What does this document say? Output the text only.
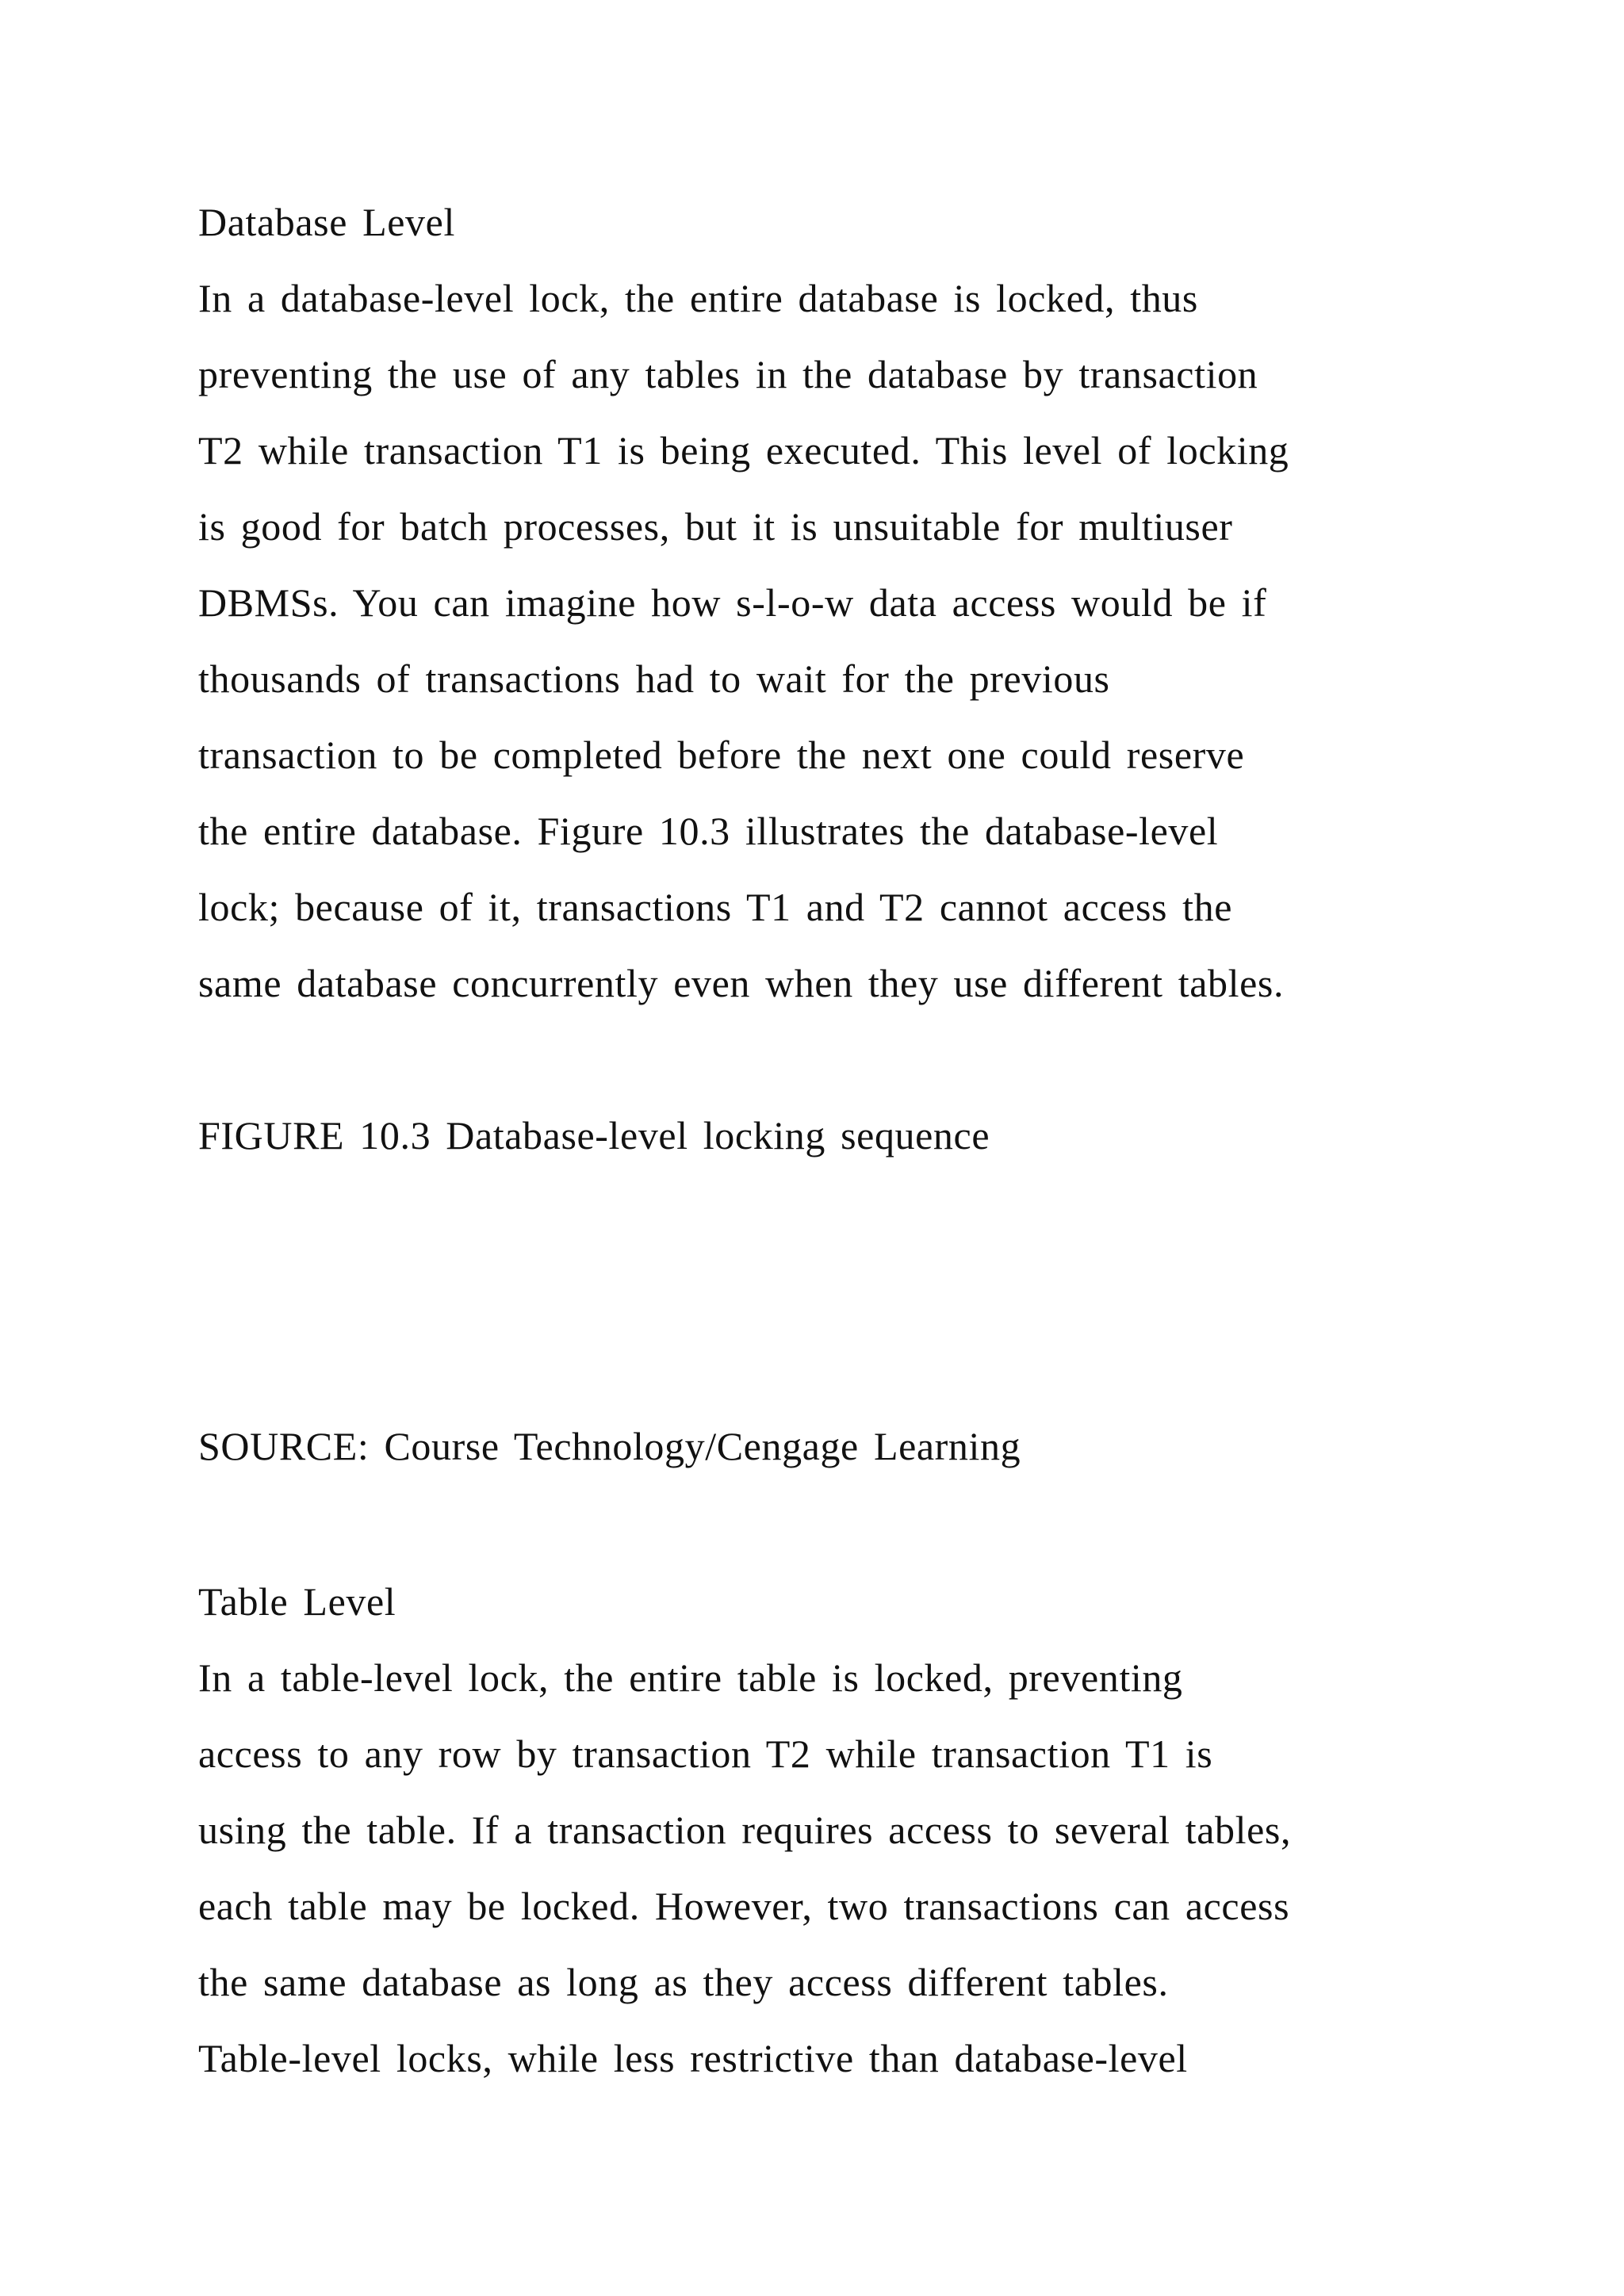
Database Level
In a database-level lock, the entire database is locked, thus
preventing the use of any tables in the database by transaction
T2 while transaction T1 is being executed. This level of locking
is good for batch processes, but it is unsuitable for multiuser
DBMSs. You can imagine how s-l-o-w data access would be if
thousands of transactions had to wait for the previous
transaction to be completed before the next one could reserve
the entire database. Figure 10.3 illustrates the database-level
lock; because of it, transactions T1 and T2 cannot access the
same database concurrently even when they use different tables.
FIGURE 10.3 Database-level locking sequence
SOURCE: Course Technology/Cengage Learning
Table Level
In a table-level lock, the entire table is locked, preventing
access to any row by transaction T2 while transaction T1 is
using the table. If a transaction requires access to several tables,
each table may be locked. However, two transactions can access
the same database as long as they access different tables.
Table-level locks, while less restrictive than database-level
